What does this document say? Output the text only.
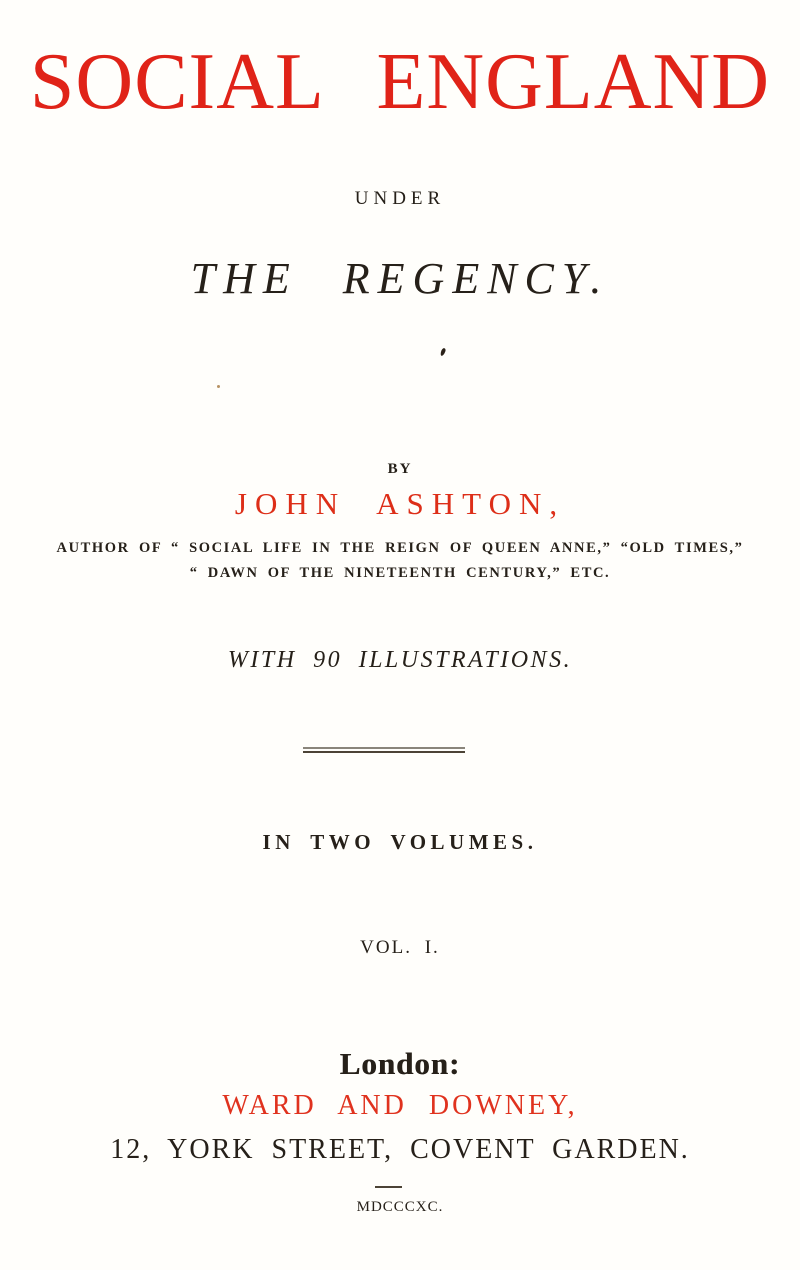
SOCIAL ENGLAND
UNDER
THE REGENCY.
BY
JOHN ASHTON,
AUTHOR OF “ SOCIAL LIFE IN THE REIGN OF QUEEN ANNE,” “OLD TIMES,”
“ DAWN OF THE NINETEENTH CENTURY,” ETC.
WITH 90 ILLUSTRATIONS.
IN TWO VOLUMES.
VOL. I.
London:
WARD AND DOWNEY,
12, YORK STREET, COVENT GARDEN.
MDCCCXC.
